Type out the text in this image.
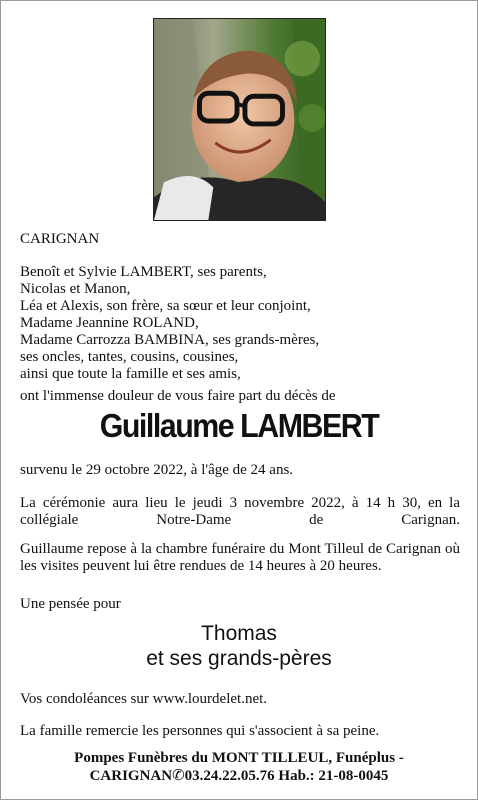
CARIGNAN
Benoît et Sylvie LAMBERT, ses parents,
Nicolas et Manon,
Léa et Alexis, son frère, sa sœur et leur conjoint,
Madame Jeannine ROLAND,
Madame Carrozza BAMBINA, ses grands-mères,
ses oncles, tantes, cousins, cousines,
ainsi que toute la famille et ses amis,
ont l'immense douleur de vous faire part du décès de
Guillaume LAMBERT
survenu le 29 octobre 2022, à l'âge de 24 ans.
La cérémonie aura lieu le jeudi 3 novembre 2022, à 14 h 30, en la collégiale Notre-Dame de Carignan.
Guillaume repose à la chambre funéraire du Mont Tilleul de Carignan où les visites peuvent lui être rendues de 14 heures à 20 heures.
Une pensée pour
Thomas
et ses grands-pères
Vos condoléances sur www.lourdelet.net.
La famille remercie les personnes qui s'associent à sa peine.
Pompes Funèbres du MONT TILLEUL, Funéplus -
CARIGNAN✆03.24.22.05.76 Hab.: 21-08-0045
